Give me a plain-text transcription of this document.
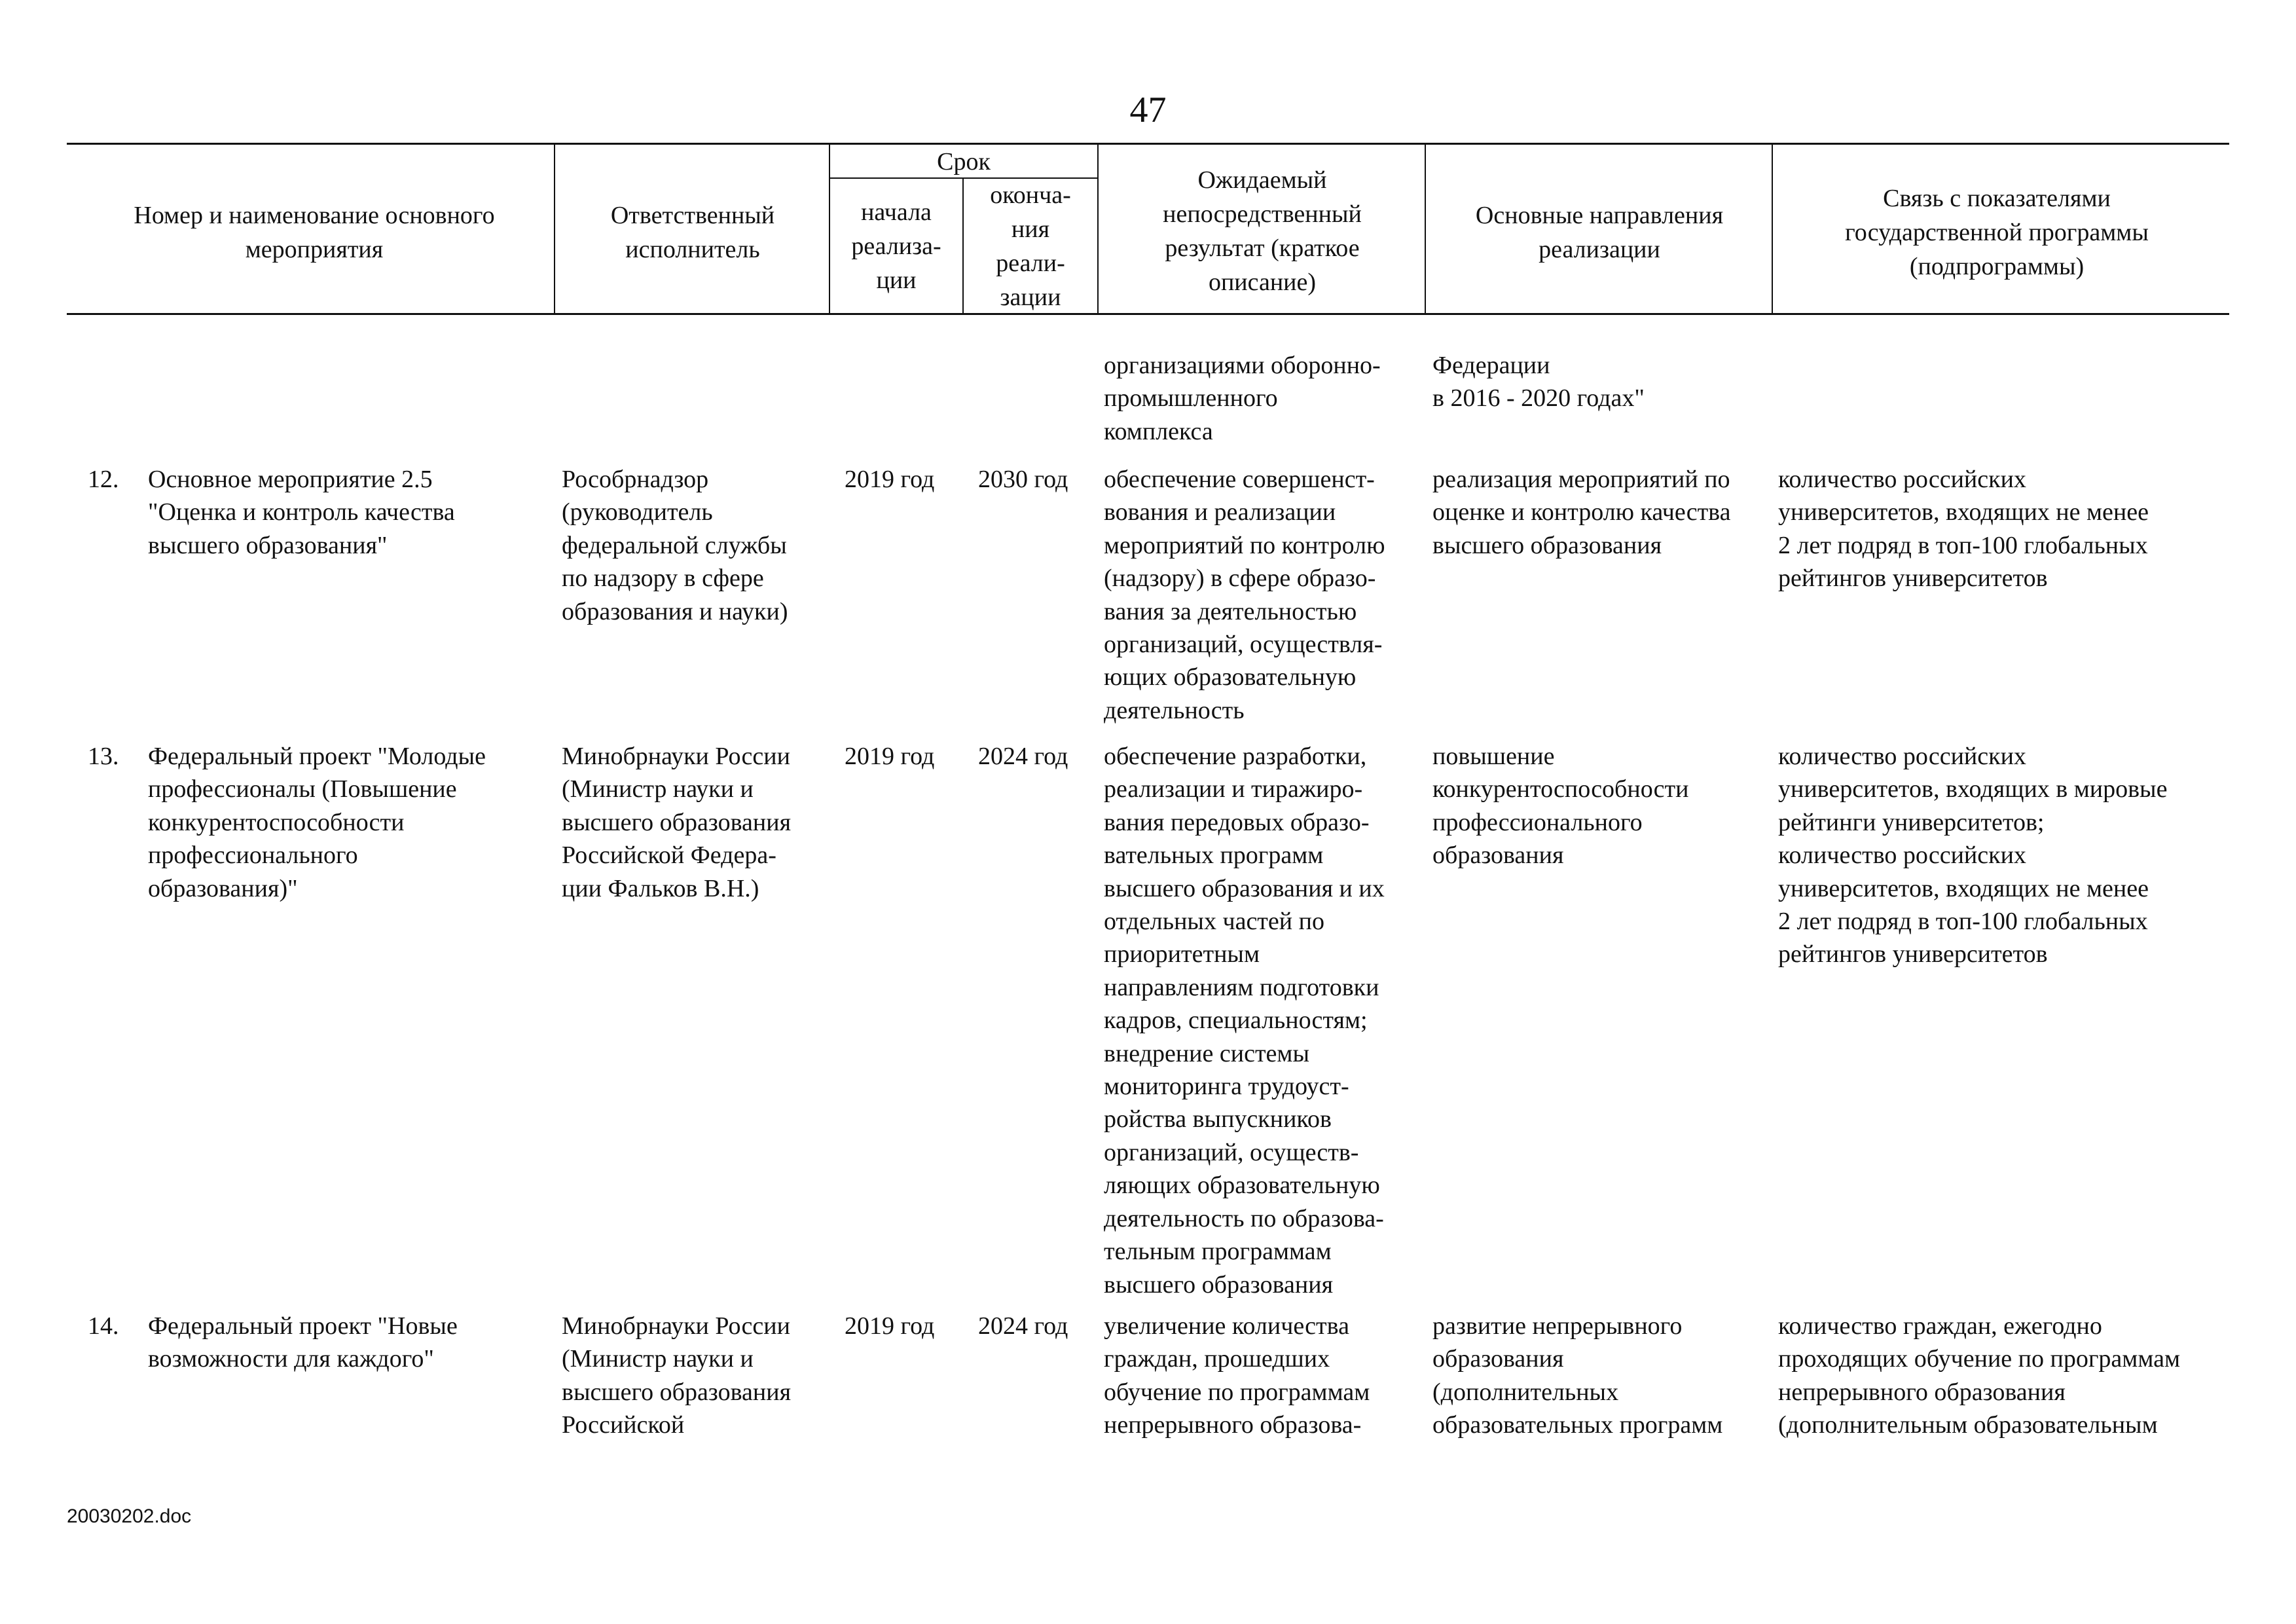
47
Номер и наименование основного мероприятия
Ответственный исполнитель
Срок
начала
реализа-
ции
оконча-
ния
реали-
зации
Ожидаемый непосредственный результат (краткое описание)
Основные направления реализации
Связь с показателями государственной программы (подпрограммы)
организациями оборонно-
промышленного
комплекса
Федерации
в 2016 - 2020 годах"
12. Основное мероприятие 2.5
"Оценка и контроль качества
высшего образования"
Рособрнадзор
(руководитель
федеральной службы
по надзору в сфере
образования и науки)
2019 год 2030 год обеспечение совершенст-
вования и реализации
мероприятий по контролю
(надзору) в сфере образо-
вания за деятельностью
организаций, осуществля-
ющих образовательную
деятельность
реализация мероприятий по
оценке и контролю качества
высшего образования
количество российских
университетов, входящих не менее
2 лет подряд в топ-100 глобальных
рейтингов университетов
13. Федеральный проект "Молодые
профессионалы (Повышение
конкурентоспособности
профессионального
образования)"
Минобрнауки России
(Министр науки и
высшего образования
Российской Федера-
ции Фальков В.Н.)
2019 год 2024 год обеспечение разработки,
реализации и тиражиро-
вания передовых образо-
вательных программ
высшего образования и их
отдельных частей по
приоритетным
направлениям подготовки
кадров, специальностям;
внедрение системы
мониторинга трудоуст-
ройства выпускников
организаций, осуществ-
ляющих образовательную
деятельность по образова-
тельным программам
высшего образования
повышение
конкурентоспособности
профессионального
образования
количество российских
университетов, входящих в мировые
рейтинги университетов;
количество российских
университетов, входящих не менее
2 лет подряд в топ-100 глобальных
рейтингов университетов
14. Федеральный проект "Новые
возможности для каждого"
Минобрнауки России
(Министр науки и
высшего образования
Российской
2019 год 2024 год увеличение количества
граждан, прошедших
обучение по программам
непрерывного образова-
развитие непрерывного
образования
(дополнительных
образовательных программ
количество граждан, ежегодно
проходящих обучение по программам
непрерывного образования
(дополнительным образовательным
20030202.doc
